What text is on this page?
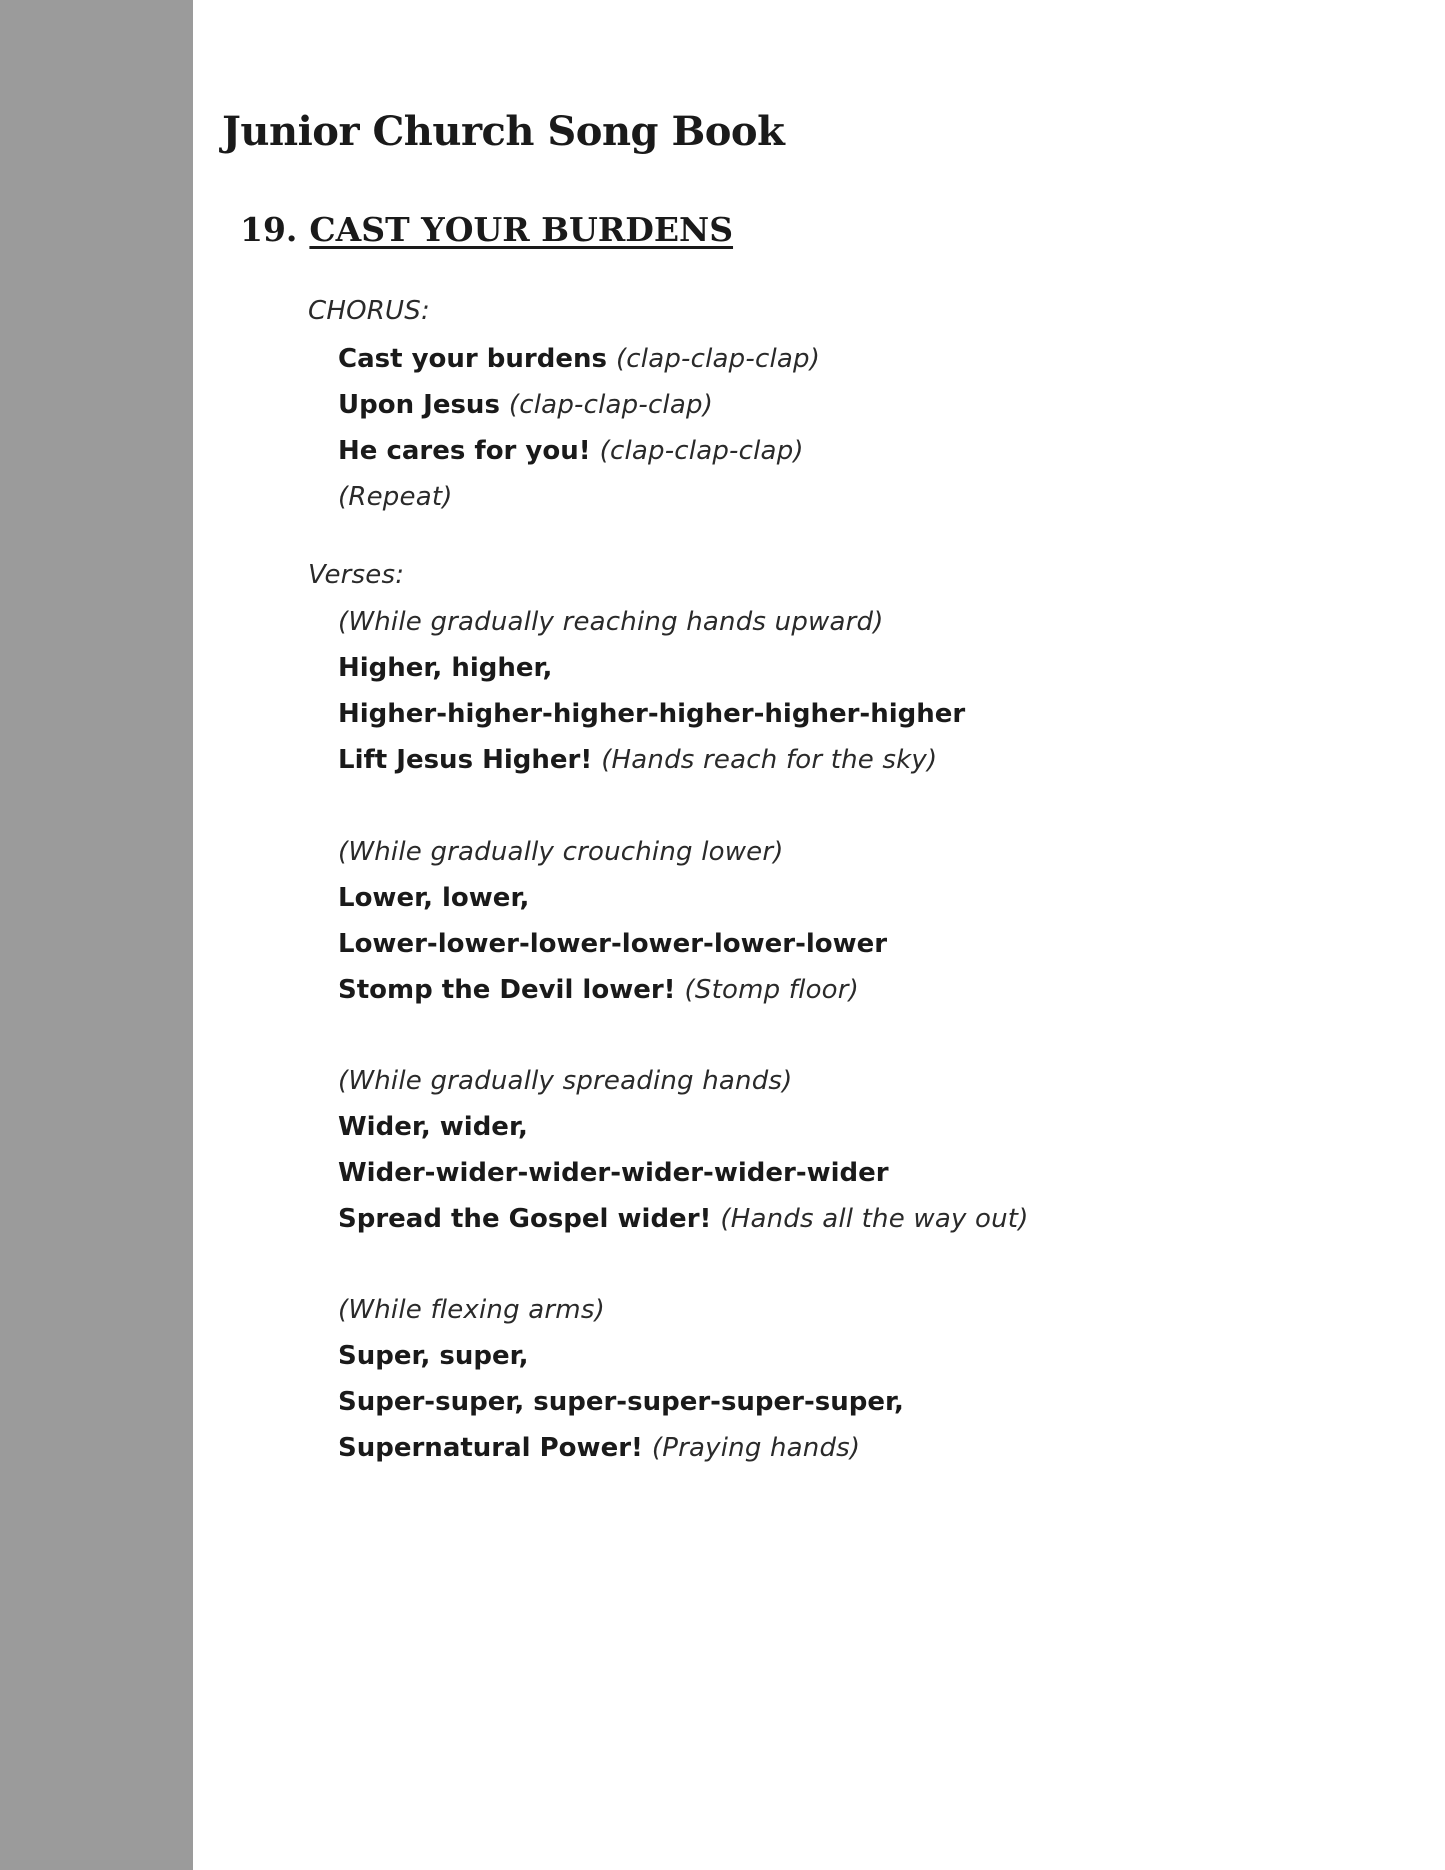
Junior Church Song Book
19. CAST YOUR BURDENS
CHORUS:
Cast your burdens (clap-clap-clap)
Upon Jesus (clap-clap-clap)
He cares for you! (clap-clap-clap)
(Repeat)
Verses:
(While gradually reaching hands upward)
Higher, higher,
Higher-higher-higher-higher-higher-higher
Lift Jesus Higher! (Hands reach for the sky)
(While gradually crouching lower)
Lower, lower,
Lower-lower-lower-lower-lower-lower
Stomp the Devil lower! (Stomp floor)
(While gradually spreading hands)
Wider, wider,
Wider-wider-wider-wider-wider-wider
Spread the Gospel wider! (Hands all the way out)
(While flexing arms)
Super, super,
Super-super, super-super-super-super,
Supernatural Power! (Praying hands)
